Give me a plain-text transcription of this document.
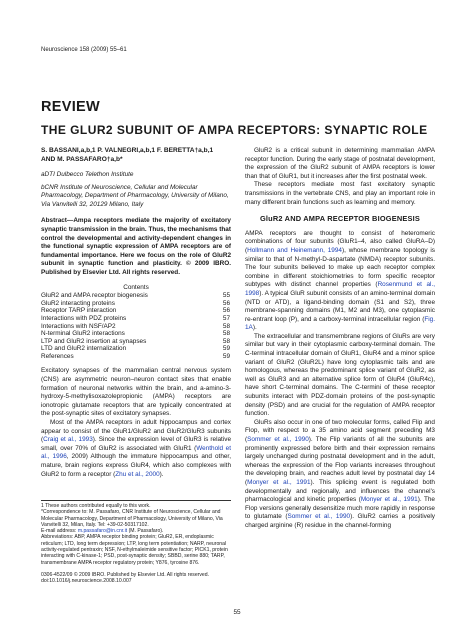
Neuroscience 158 (2009) 55–61
REVIEW
THE GLUR2 SUBUNIT OF AMPA RECEPTORS: SYNAPTIC ROLE
S. BASSANI,a,b,1 P. VALNEGRI,a,b,1 F. BERETTA†a,b,1
AND M. PASSAFARO†a,b*

aDTI Dulbecco Telethon Institute

bCNR Institute of Neuroscience, Cellular and Molecular Pharmacology, Department of Pharmacology, University of Milano, Via Vanvitelli 32, 20129 Milano, Italy

Abstract—Ampa receptors mediate the majority of excitatory synaptic transmission in the brain. Thus, the mechanisms that control the developmental and activity-dependent changes in the functional synaptic expression of AMPA receptors are of fundamental importance. Here we focus on the role of GluR2 subunit in synaptic function and plasticity. © 2009 IBRO. Published by Elsevier Ltd. All rights reserved.

Contents
GluR2 and AMPA receptor biogenesis	55
GluR2 interacting proteins	56
Receptor TARP interaction	56
Interactions with PDZ proteins	57
Interactions with NSF/AP2	58
N-terminal GluR2 interactions	58
LTP and GluR2 insertion at synapses	58
LTD and GluR2 internalization	59
References	59

Excitatory synapses of the mammalian central nervous system (CNS) are asymmetric neuron–neuron contact sites that enable formation of neuronal networks within the brain, and a-amino-3-hydroxy-5-methylisoxazolepropionic (AMPA) receptors are ionotropic glutamate receptors that are typically concentrated at the post-synaptic sites of excitatory synapses.

Most of the AMPA receptors in adult hippocampus and cortex appear to consist of the GluR1/GluR2 and GluR2/GluR3 subunits (Craig et al., 1993). Since the expression level of GluR3 is relative small, over 70% of GluR2 is associated with GluR1 (Wenthold et al., 1996, 2009) Although the immature hippocampus and other, mature, brain regions express GluR4, which also complexes with GluR2 to form a receptor (Zhu et al., 2000).

1 These authors contributed equally to this work.

*Correspondence to: M. Passafaro, CNR Institute of Neuroscience, Cellular and Molecular Pharmacology, Department of Pharmacology, University of Milano, Via Vanvitelli 32, Milan, Italy. Tel: +39-02-50317102.

E-mail address: m.passafaro@in.cnr.it (M. Passafaro).

Abbreviations: ABP, AMPA receptor binding protein; GluR2, ER, endoplasmic reticulum; LTD, long term depression; LTP, long term potentiation; NARP, neuronal activity-regulated pentraxin; NSF, N-ethylmaleimide sensitive factor; PICK1, protein interacting with C-kinase-1; PSD, post-synaptic density; SBBD, serine 880; TARP, transmembrane AMPA receptor regulatory protein; Y876, tyrosine 876.

0306-4522/09 © 2009 IBRO. Published by Elsevier Ltd. All rights reserved. doi:10.1016/j.neuroscience.2008.10.007

GluR2 is a critical subunit in determining mammalian AMPA receptor function. During the early stage of postnatal development, the expression of the GluR2 subunit of AMPA receptors is lower than that of GluR1, but it increases after the first postnatal week.

These receptors mediate most fast excitatory synaptic transmissions in the vertebrate CNS, and play an important role in many different brain functions such as learning and memory.

GluR2 AND AMPA RECEPTOR BIOGENESIS

AMPA receptors are thought to consist of heteromeric combinations of four subunits (GluR1–4, also called GluRA–D) (Hollmann and Heinemann, 1994), whose membrane topology is similar to that of N-methyl-D-aspartate (NMDA) receptor subunits. The four subunits believed to make up each receptor complex combine in different stoichiometries to form specific receptor subtypes with distinct channel properties (Rosenmund et al., 1998). A typical GluR subunit consists of an amino-terminal domain (NTD or ATD), a ligand-binding domain (S1 and S2), three membrane-spanning domains (M1, M2 and M3), one cytoplasmic re-entrant loop (P), and a carboxy-terminal intracellular region (Fig. 1A).

The extracellular and transmembrane regions of GluRs are very similar but vary in their cytoplasmic carboxy-terminal domain. The C-terminal intracellular domain of GluR1, GluR4 and a minor splice variant of GluR2 (GluR2L) have long cytoplasmic tails and are homologous, whereas the predominant splice variant of GluR2, as well as GluR3 and an alternative splice form of GluR4 (GluR4c), have short C-terminal domains. The C-termini of these receptor subunits interact with PDZ-domain proteins of the post-synaptic density (PSD) and are crucial for the regulation of AMPA receptor function.

GluRs also occur in one of two molecular forms, called Flip and Flop, with respect to a 35 amino acid segment preceding M3 (Sommer et al., 1990). The Flip variants of all the subunits are prominently expressed before birth and their expression remains largely unchanged during postnatal development and in the adult, whereas the expression of the Flop variants increases throughout the developing brain, and reaches adult level by postnatal day 14 (Monyer et al., 1991). This splicing event is regulated both developmentally and regionally, and influences the channel's pharmacological and kinetic properties (Monyer et al., 1991). The Flop versions generally desensitize much more rapidly in response to glutamate (Sommer et al., 1990). GluR2 carries a positively charged arginine (R) residue in the channel-forming

55
